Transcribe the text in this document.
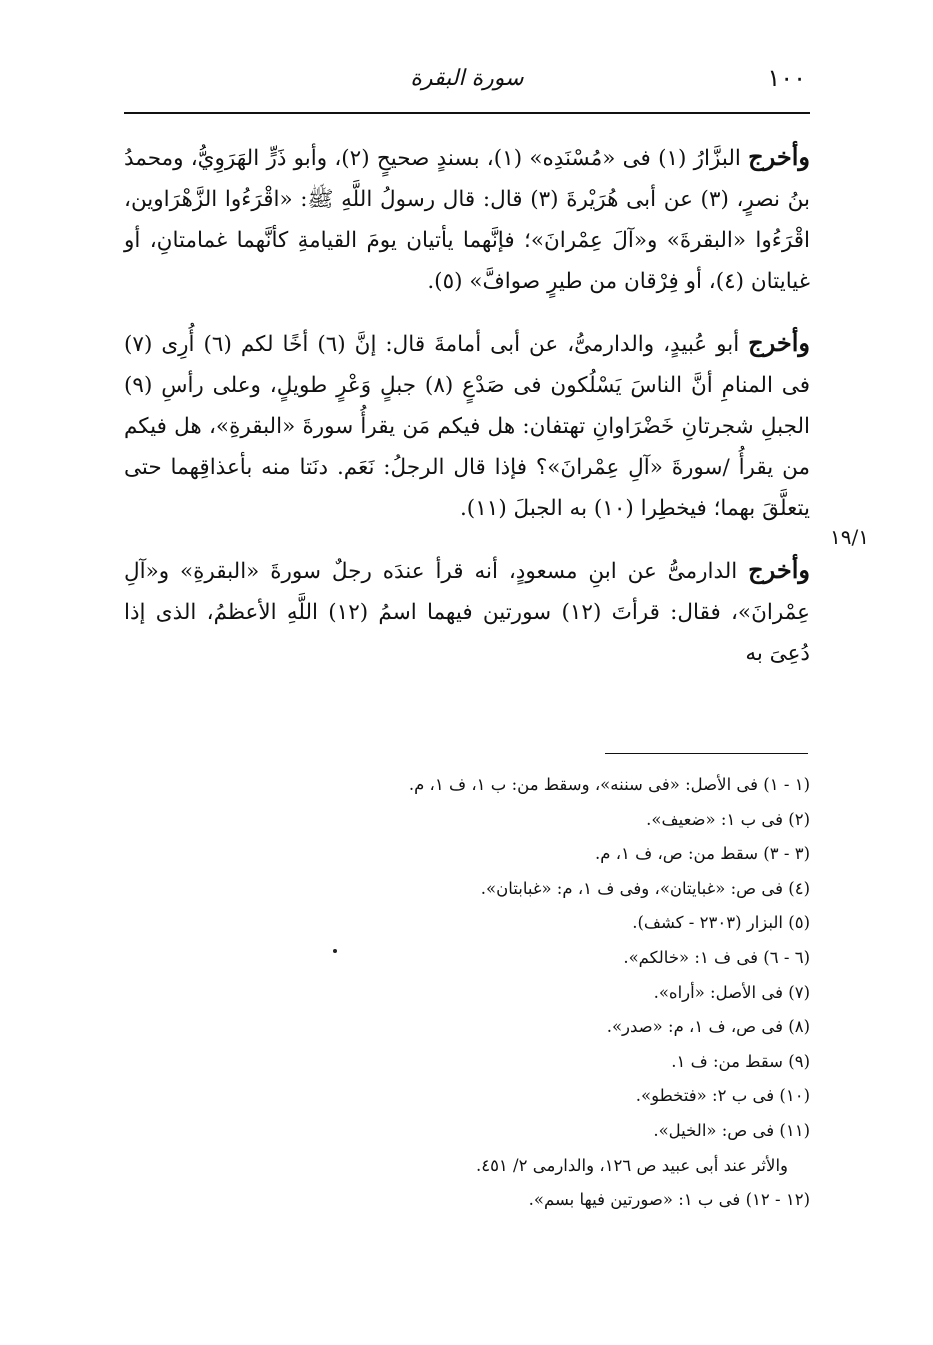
١٠٠
سورة البقرة

وأخرج البزَّارُ (١) فى «مُسْنَدِه» (١)، بسندٍ صحيحٍ (٢)، وأبو ذَرٍّ الهَرَوِيُّ، ومحمدُ بنُ نصرٍ، (٣) عن أبى هُرَيْرةَ (٣) قال: قال رسولُ اللَّهِ ﷺ: «اقْرَءُوا الزَّهْرَاوين، اقْرَءُوا «البقرةَ» و«آلَ عِمْرانَ»؛ فإنَّهما يأتيان يومَ القيامةِ كأنَّهما غمامتانِ، أو غيايتان (٤)، أو فِرْقان من طيرٍ صوافَّ» (٥).

وأخرج أبو عُبيدٍ، والدارمىُّ، عن أبى أمامةَ قال: إنَّ (٦) أخًا لكم (٦) أُرِى (٧) فى المنامِ أنَّ الناسَ يَسْلُكون فى صَدْعٍ (٨) جبلٍ وَعْرٍ طويلٍ، وعلى رأسِ (٩) الجبلِ شجرتانِ خَضْرَاوانِ تهتفان: هل فيكم مَن يقرأُ سورةَ «البقرةِ»، هل فيكم من يقرأُ /سورةَ «آلِ عِمْرانَ»؟ فإذا قال الرجلُ: نَعَم. دنَتا منه بأعذاقِهما حتى يتعلَّقَ بهما؛ فيخطِرا (١٠) به الجبلَ (١١).

وأخرج الدارمىُّ عن ابنِ مسعودٍ، أنه قرأ عندَه رجلٌ سورةَ «البقرةِ» و«آلِ عِمْرانَ»، فقال: قرأتَ (١٢) سورتين فيهما اسمُ (١٢) اللَّهِ الأعظمُ، الذى إذا دُعِىَ به

١٩/١
(١ - ١) فى الأصل: «فى سننه»، وسقط من: ب ١، ف ١، م.
(٢) فى ب ١: «ضعيف».
(٣ - ٣) سقط من: ص، ف ١، م.
(٤) فى ص: «غبايتان»، وفى ف ١، م: «غبابتان».
(٥) البزار (٢٣٠٣ - كشف).
(٦ - ٦) فى ف ١: «خالكم».
(٧) فى الأصل: «أراه».
(٨) فى ص، ف ١، م: «صدر».
(٩) سقط من: ف ١.
(١٠) فى ب ٢: «فتخطو».
(١١) فى ص: «الخيل».
والأثر عند أبى عبيد ص ١٢٦، والدارمى ٢/ ٤٥١.
(١٢ - ١٢) فى ب ١: «صورتين فيها بسم».
